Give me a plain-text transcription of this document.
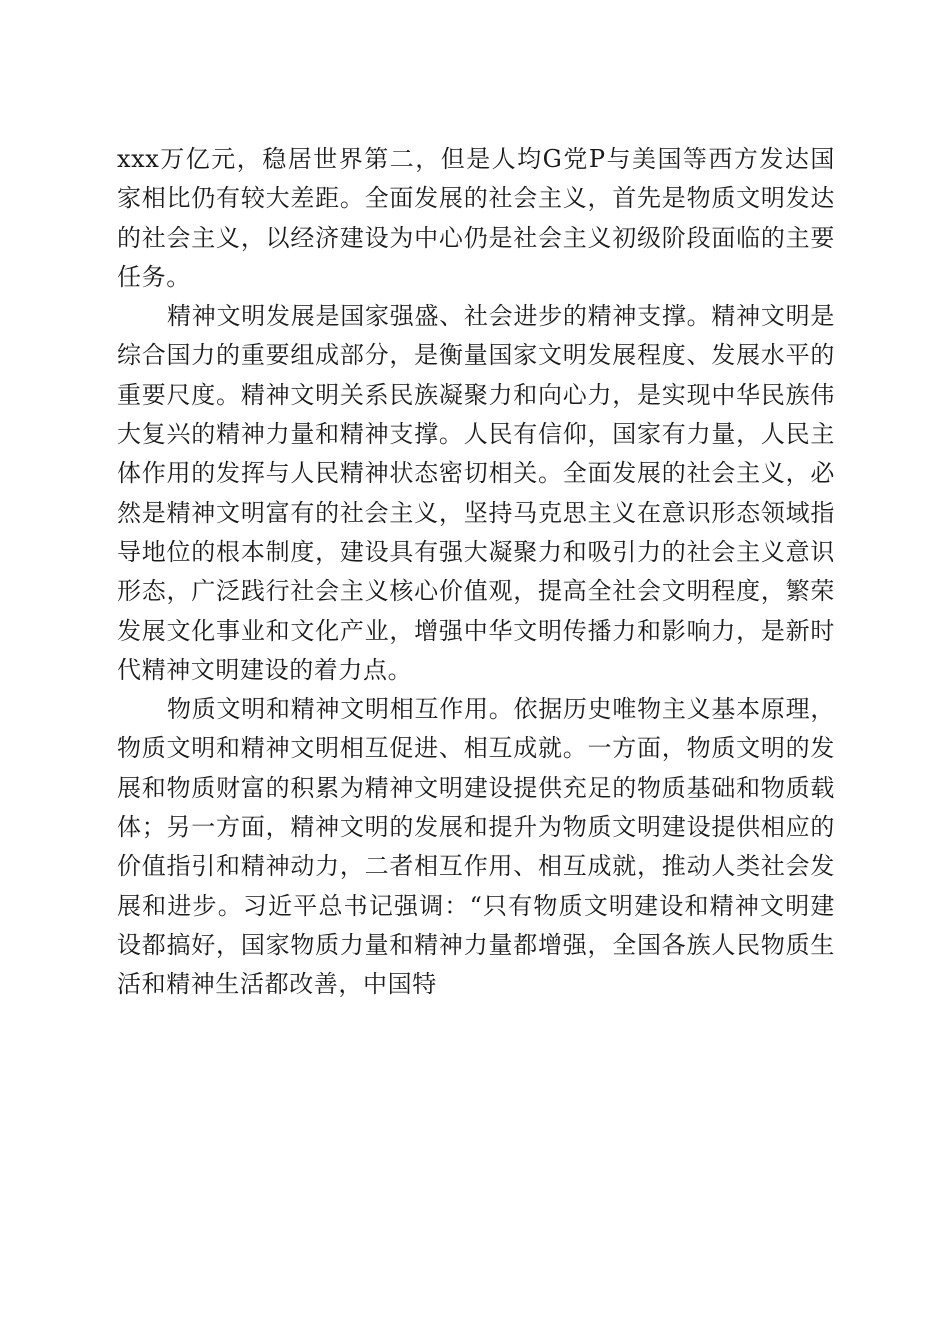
xxx万亿元，稳居世界第二，但是人均G党P与美国等西方发达国家相比仍有较大差距。全面发展的社会主义，首先是物质文明发达的社会主义，以经济建设为中心仍是社会主义初级阶段面临的主要任务。

精神文明发展是国家强盛、社会进步的精神支撑。精神文明是综合国力的重要组成部分，是衡量国家文明发展程度、发展水平的重要尺度。精神文明关系民族凝聚力和向心力，是实现中华民族伟大复兴的精神力量和精神支撑。人民有信仰，国家有力量，人民主体作用的发挥与人民精神状态密切相关。全面发展的社会主义，必然是精神文明富有的社会主义，坚持马克思主义在意识形态领域指导地位的根本制度，建设具有强大凝聚力和吸引力的社会主义意识形态，广泛践行社会主义核心价值观，提高全社会文明程度，繁荣发展文化事业和文化产业，增强中华文明传播力和影响力，是新时代精神文明建设的着力点。

物质文明和精神文明相互作用。依据历史唯物主义基本原理，物质文明和精神文明相互促进、相互成就。一方面，物质文明的发展和物质财富的积累为精神文明建设提供充足的物质基础和物质载体；另一方面，精神文明的发展和提升为物质文明建设提供相应的价值指引和精神动力，二者相互作用、相互成就，推动人类社会发展和进步。习近平总书记强调：“只有物质文明建设和精神文明建设都搞好，国家物质力量和精神力量都增强，全国各族人民物质生活和精神生活都改善，中国特
